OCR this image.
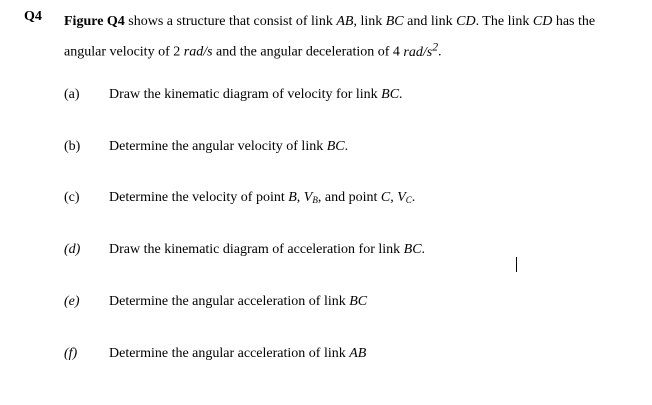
Q4 Figure Q4 shows a structure that consist of link AB, link BC and link CD. The link CD has the angular velocity of 2 rad/s and the angular deceleration of 4 rad/$s^2$.
(a) Draw the kinematic diagram of velocity for link BC.
(b) Determine the angular velocity of link BC.
(c) Determine the velocity of point B, $V_B$, and point C, $V_C$.
(d) Draw the kinematic diagram of acceleration for link BC.
(e) Determine the angular acceleration of link BC
(f) Determine the angular acceleration of link AB
